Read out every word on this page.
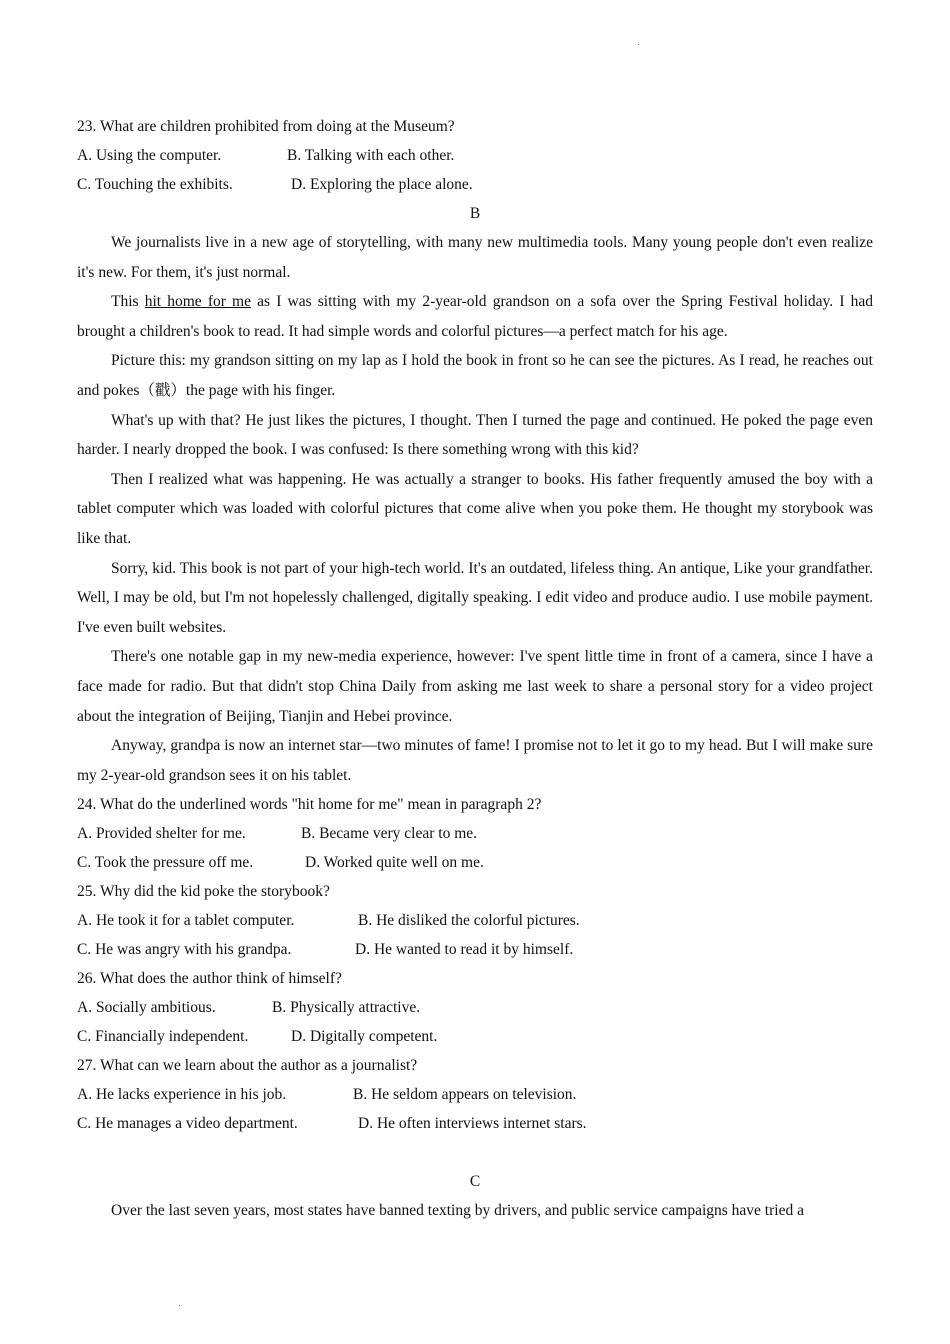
23. What are children prohibited from doing at the Museum?
A. Using the computer.	B. Talking with each other.
C. Touching the exhibits.	D. Exploring the place alone.
B

We journalists live in a new age of storytelling, with many new multimedia tools. Many young people don't even realize it's new. For them, it's just normal.

This hit home for me as I was sitting with my 2-year-old grandson on a sofa over the Spring Festival holiday. I had brought a children's book to read. It had simple words and colorful pictures—a perfect match for his age.

Picture this: my grandson sitting on my lap as I hold the book in front so he can see the pictures. As I read, he reaches out and pokes（戳）the page with his finger.

What's up with that? He just likes the pictures, I thought. Then I turned the page and continued. He poked the page even harder. I nearly dropped the book. I was confused: Is there something wrong with this kid?

Then I realized what was happening. He was actually a stranger to books. His father frequently amused the boy with a tablet computer which was loaded with colorful pictures that come alive when you poke them. He thought my storybook was like that.

Sorry, kid. This book is not part of your high-tech world. It's an outdated, lifeless thing. An antique, Like your grandfather. Well, I may be old, but I'm not hopelessly challenged, digitally speaking. I edit video and produce audio. I use mobile payment. I've even built websites.

There's one notable gap in my new-media experience, however: I've spent little time in front of a camera, since I have a face made for radio. But that didn't stop China Daily from asking me last week to share a personal story for a video project about the integration of Beijing, Tianjin and Hebei province.

Anyway, grandpa is now an internet star—two minutes of fame! I promise not to let it go to my head. But I will make sure my 2-year-old grandson sees it on his tablet.

24. What do the underlined words "hit home for me" mean in paragraph 2?
A. Provided shelter for me.	B. Became very clear to me.
C. Took the pressure off me.	D. Worked quite well on me.
25. Why did the kid poke the storybook?
A. He took it for a tablet computer.	B. He disliked the colorful pictures.
C. He was angry with his grandpa.	D. He wanted to read it by himself.
26. What does the author think of himself?
A. Socially ambitious.	B. Physically attractive.
C. Financially independent.	D. Digitally competent.
27. What can we learn about the author as a journalist?
A. He lacks experience in his job.	B. He seldom appears on television.
C. He manages a video department.	D. He often interviews internet stars.
C

Over the last seven years, most states have banned texting by drivers, and public service campaigns have tried a
